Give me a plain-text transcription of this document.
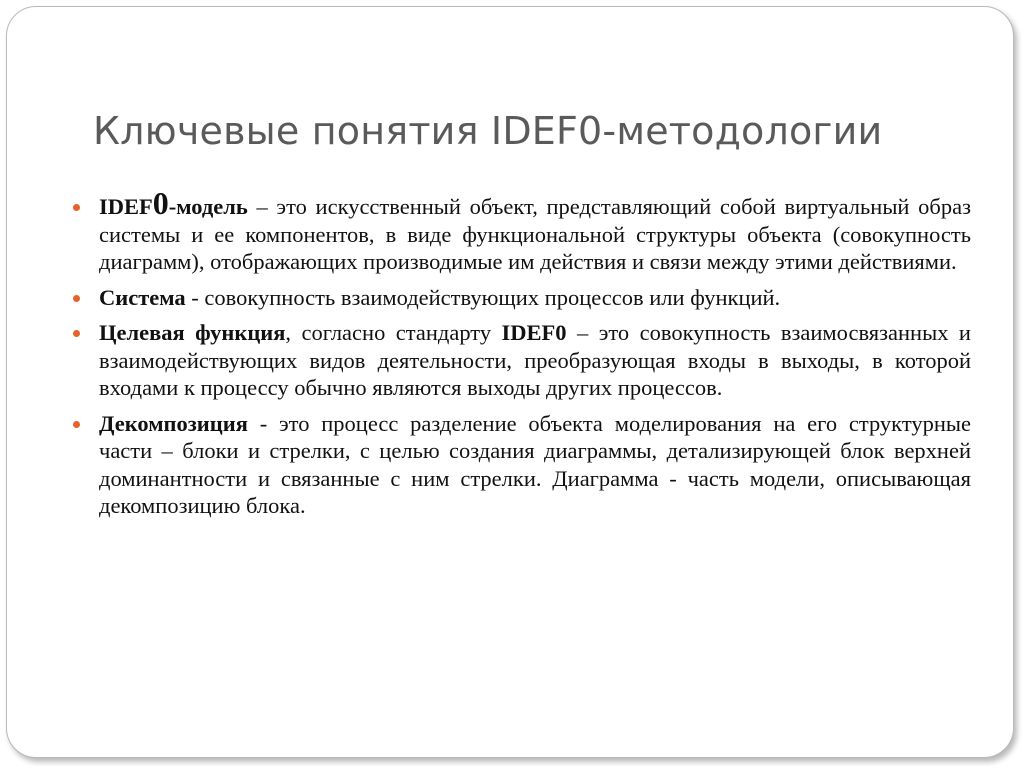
Ключевые понятия IDEF0-методологии
IDEF0-модель – это искусственный объект, представляющий собой виртуальный образ системы и ее компонентов, в виде функциональной структуры объекта (совокупность диаграмм), отображающих производимые им действия и связи между этими действиями.
Система - совокупность взаимодействующих процессов или функций.
Целевая функция, согласно стандарту IDEF0 – это совокупность взаимосвязанных и взаимодействующих видов деятельности, преобразующая входы в выходы, в которой входами к процессу обычно являются выходы других процессов.
Декомпозиция - это процесс разделение объекта моделирования на его структурные части – блоки и стрелки, с целью создания диаграммы, детализирующей блок верхней доминантности и связанные с ним стрелки. Диаграмма - часть модели, описывающая декомпозицию блока.
